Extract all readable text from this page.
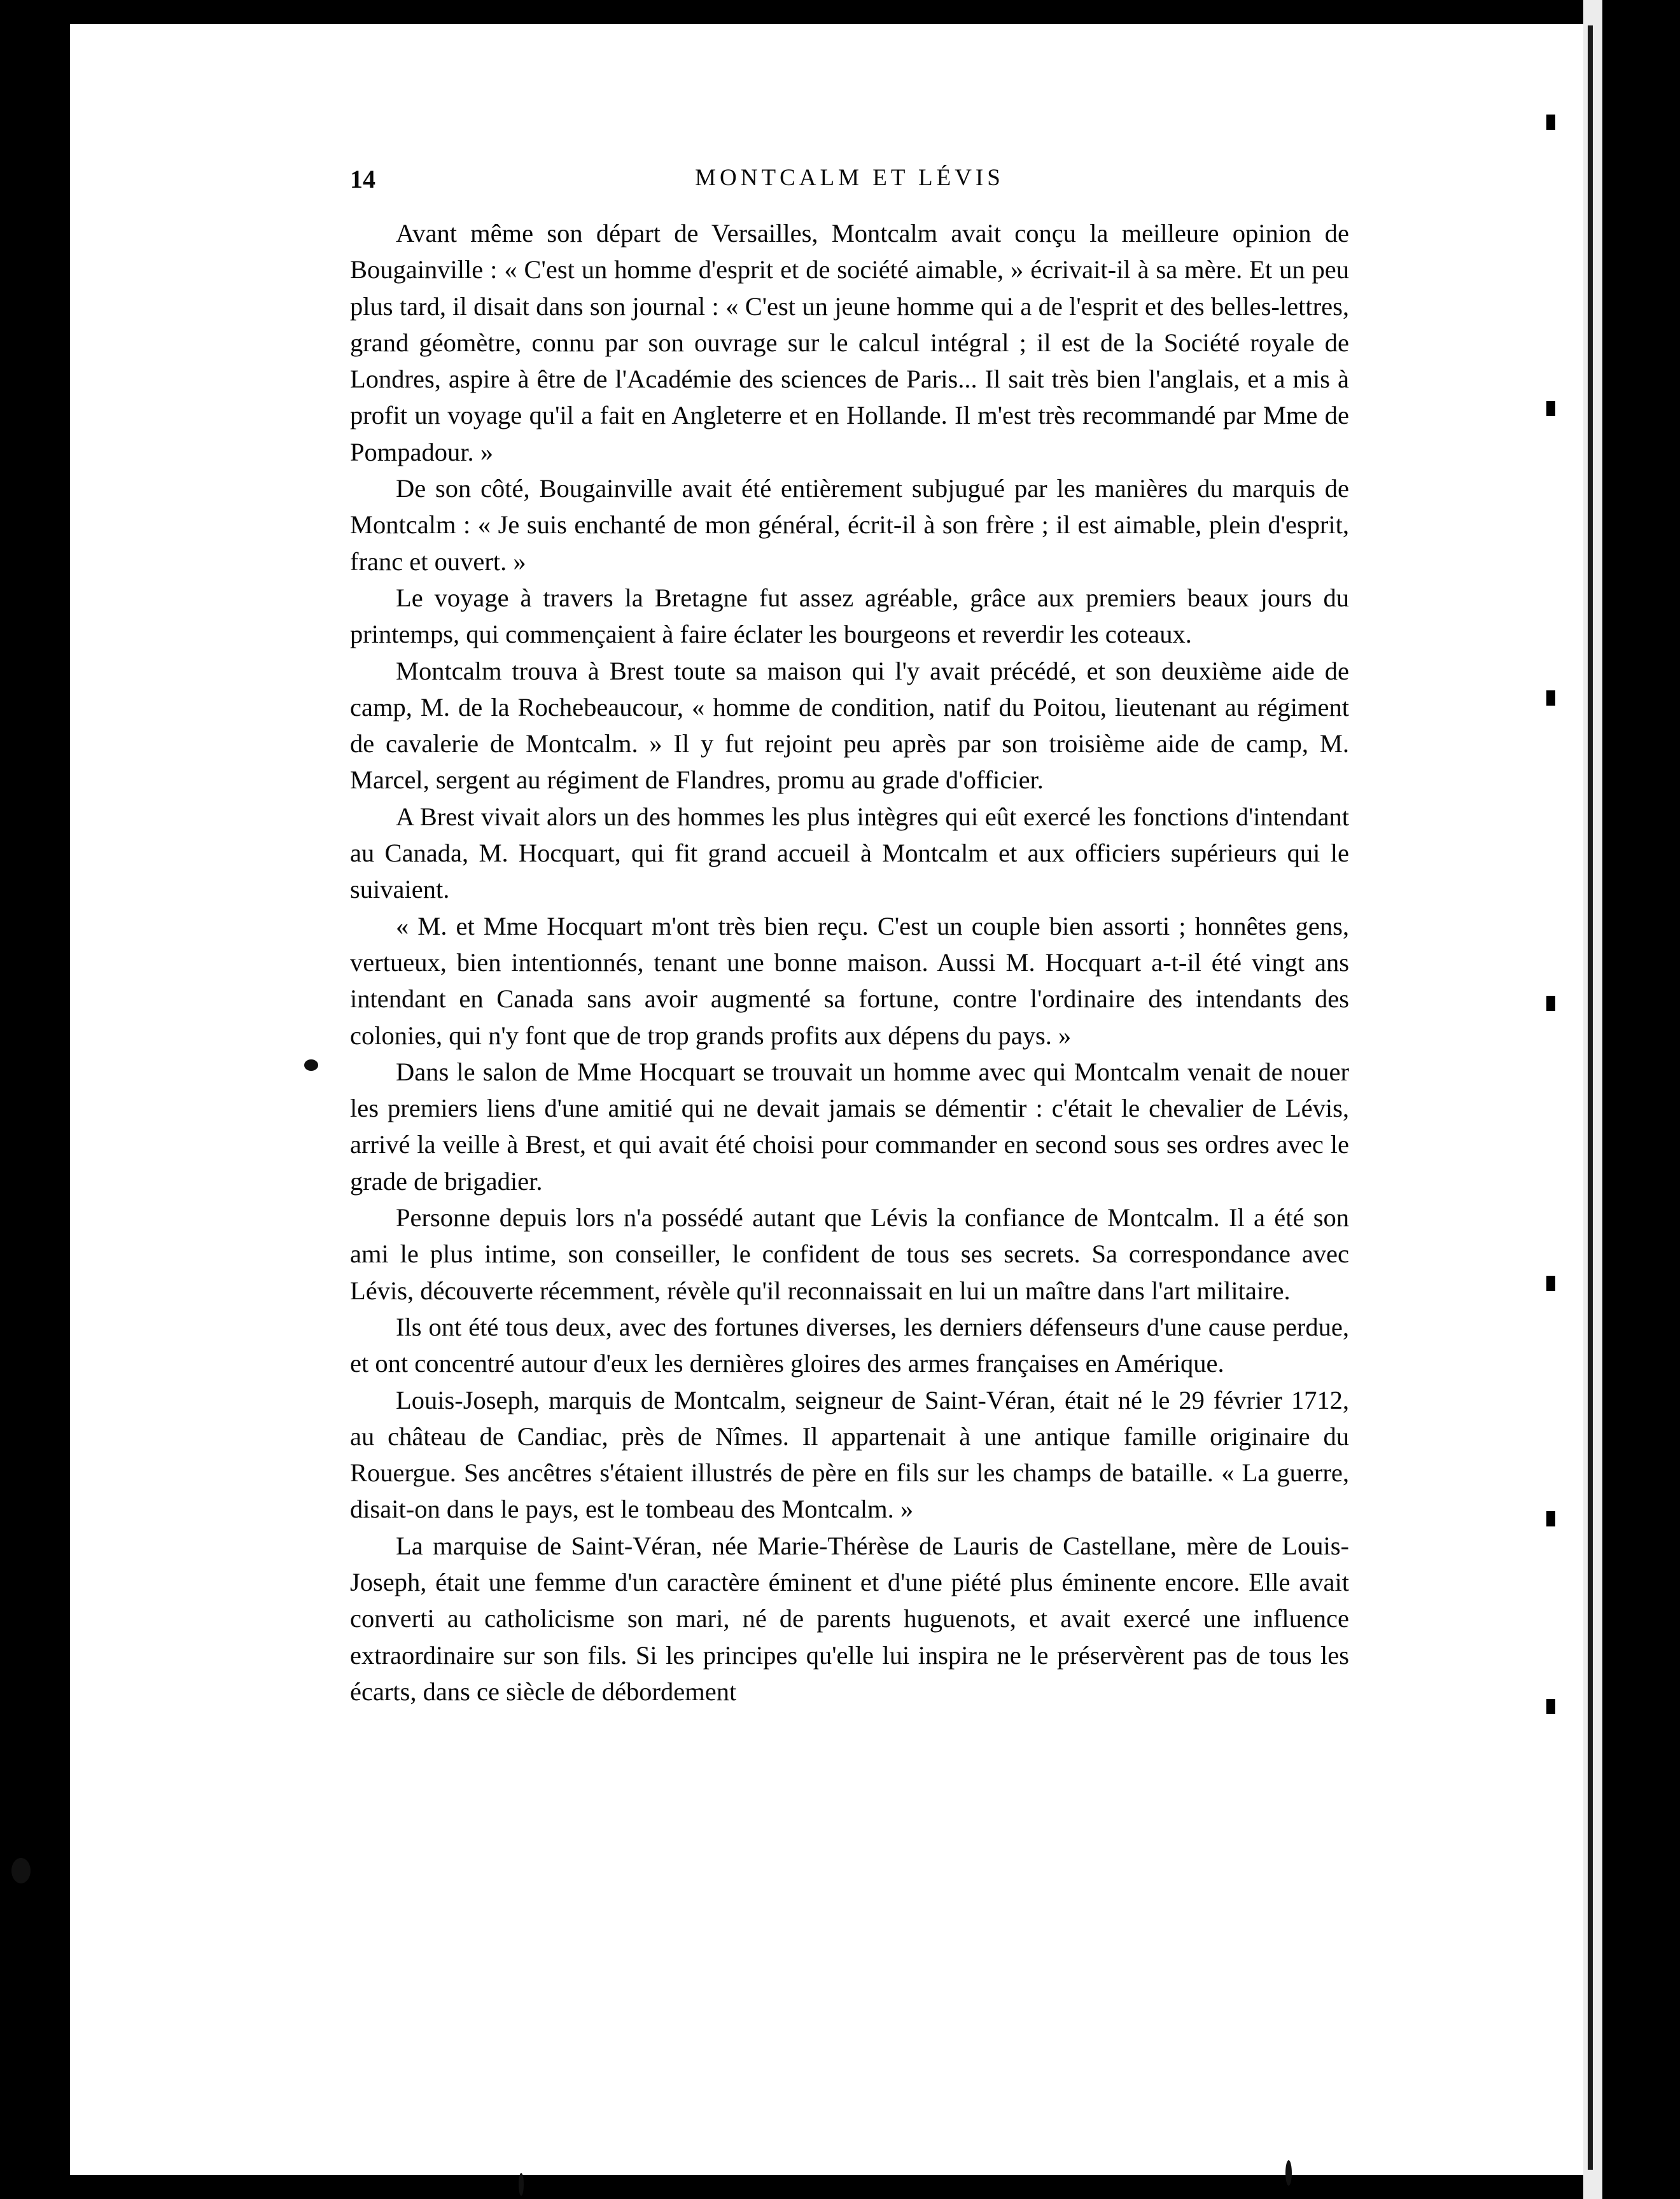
14	MONTCALM ET LÉVIS

Avant même son départ de Versailles, Montcalm avait conçu la meilleure opinion de Bougainville : « C'est un homme d'esprit et de société aimable, » écrivait-il à sa mère. Et un peu plus tard, il disait dans son journal : « C'est un jeune homme qui a de l'esprit et des belles-lettres, grand géomètre, connu par son ouvrage sur le calcul intégral ; il est de la Société royale de Londres, aspire à être de l'Académie des sciences de Paris... Il sait très bien l'anglais, et a mis à profit un voyage qu'il a fait en Angleterre et en Hollande. Il m'est très recommandé par Mme de Pompadour. »

De son côté, Bougainville avait été entièrement subjugué par les manières du marquis de Montcalm : « Je suis enchanté de mon général, écrit-il à son frère ; il est aimable, plein d'esprit, franc et ouvert. »

Le voyage à travers la Bretagne fut assez agréable, grâce aux premiers beaux jours du printemps, qui commençaient à faire éclater les bourgeons et reverdir les coteaux.

Montcalm trouva à Brest toute sa maison qui l'y avait précédé, et son deuxième aide de camp, M. de la Rochebeaucour, « homme de condition, natif du Poitou, lieutenant au régiment de cavalerie de Montcalm. » Il y fut rejoint peu après par son troisième aide de camp, M. Marcel, sergent au régiment de Flandres, promu au grade d'officier.

A Brest vivait alors un des hommes les plus intègres qui eût exercé les fonctions d'intendant au Canada, M. Hocquart, qui fit grand accueil à Montcalm et aux officiers supérieurs qui le suivaient.

« M. et Mme Hocquart m'ont très bien reçu. C'est un couple bien assorti ; honnêtes gens, vertueux, bien intentionnés, tenant une bonne maison. Aussi M. Hocquart a-t-il été vingt ans intendant en Canada sans avoir augmenté sa fortune, contre l'ordinaire des intendants des colonies, qui n'y font que de trop grands profits aux dépens du pays. »

Dans le salon de Mme Hocquart se trouvait un homme avec qui Montcalm venait de nouer les premiers liens d'une amitié qui ne devait jamais se démentir : c'était le chevalier de Lévis, arrivé la veille à Brest, et qui avait été choisi pour commander en second sous ses ordres avec le grade de brigadier.

Personne depuis lors n'a possédé autant que Lévis la confiance de Montcalm. Il a été son ami le plus intime, son conseiller, le confident de tous ses secrets. Sa correspondance avec Lévis, découverte récemment, révèle qu'il reconnaissait en lui un maître dans l'art militaire.

Ils ont été tous deux, avec des fortunes diverses, les derniers défenseurs d'une cause perdue, et ont concentré autour d'eux les dernières gloires des armes françaises en Amérique.

Louis-Joseph, marquis de Montcalm, seigneur de Saint-Véran, était né le 29 février 1712, au château de Candiac, près de Nîmes. Il appartenait à une antique famille originaire du Rouergue. Ses ancêtres s'étaient illustrés de père en fils sur les champs de bataille. « La guerre, disait-on dans le pays, est le tombeau des Montcalm. »

La marquise de Saint-Véran, née Marie-Thérèse de Lauris de Castellane, mère de Louis-Joseph, était une femme d'un caractère éminent et d'une piété plus éminente encore. Elle avait converti au catholicisme son mari, né de parents huguenots, et avait exercé une influence extraordinaire sur son fils. Si les principes qu'elle lui inspira ne le préservèrent pas de tous les écarts, dans ce siècle de débordement
